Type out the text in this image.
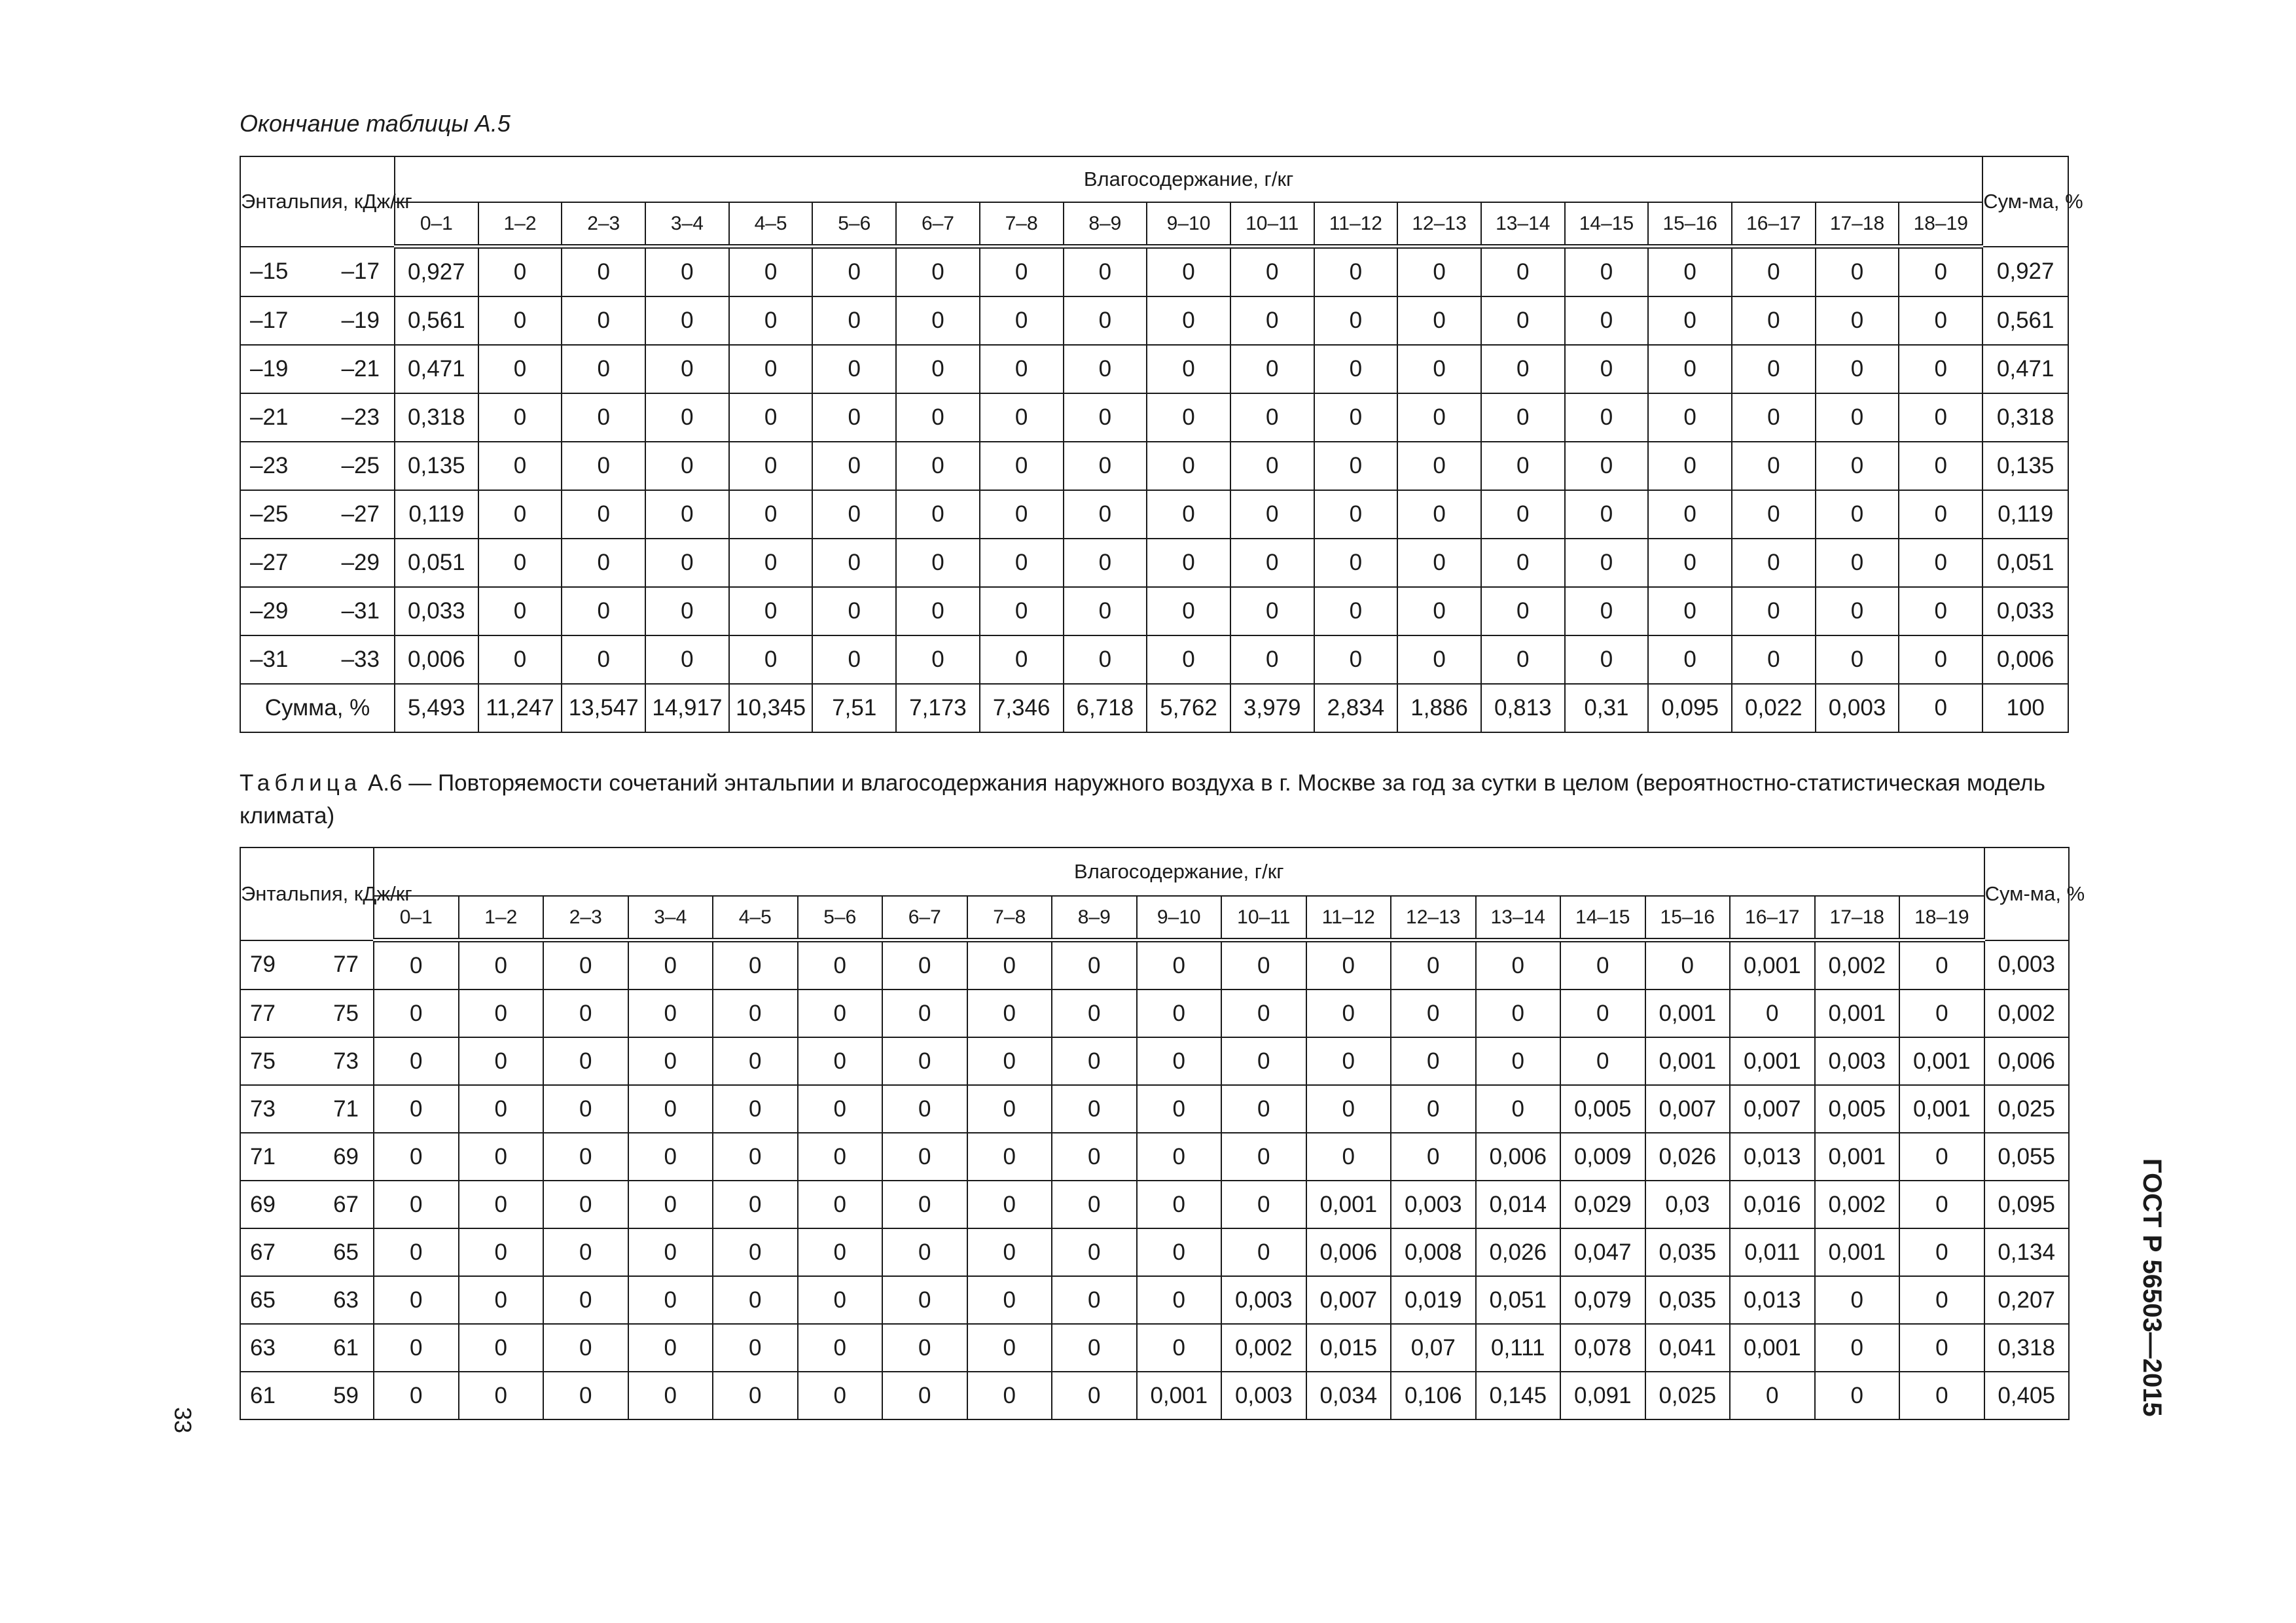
Окончание таблицы А.5
Энтальпия, кДж/кг	Влагосодержание, г/кг																			Сум-ма, %
	0–1	1–2	2–3	3–4	4–5	5–6	6–7	7–8	8–9	9–10	10–11	11–12	12–13	13–14	14–15	15–16	16–17	17–18	18–19	

–15 –17	0,927	0	0	0	0	0	0	0	0	0	0	0	0	0	0	0	0	0	0	0,927

–17 –19	0,561	0	0	0	0	0	0	0	0	0	0	0	0	0	0	0	0	0	0	0,561

–19 –21	0,471	0	0	0	0	0	0	0	0	0	0	0	0	0	0	0	0	0	0	0,471

–21 –23	0,318	0	0	0	0	0	0	0	0	0	0	0	0	0	0	0	0	0	0	0,318

–23 –25	0,135	0	0	0	0	0	0	0	0	0	0	0	0	0	0	0	0	0	0	0,135

–25 –27	0,119	0	0	0	0	0	0	0	0	0	0	0	0	0	0	0	0	0	0	0,119

–27 –29	0,051	0	0	0	0	0	0	0	0	0	0	0	0	0	0	0	0	0	0	0,051

–29 –31	0,033	0	0	0	0	0	0	0	0	0	0	0	0	0	0	0	0	0	0	0,033

–31 –33	0,006	0	0	0	0	0	0	0	0	0	0	0	0	0	0	0	0	0	0	0,006
Сумма, %	5,493	11,247	13,547	14,917	10,345	7,51	7,173	7,346	6,718	5,762	3,979	2,834	1,886	0,813	0,31	0,095	0,022	0,003	0	100
Таблица А.6 — Повторяемости сочетаний энтальпии и влагосодержания наружного воздуха в г. Москве за год за сутки в целом (вероятностно-статистическая модель климата)
Энтальпия, кДж/кг	Влагосодержание, г/кг																			Сум-ма, %
	0–1	1–2	2–3	3–4	4–5	5–6	6–7	7–8	8–9	9–10	10–11	11–12	12–13	13–14	14–15	15–16	16–17	17–18	18–19	

79 77	0	0	0	0	0	0	0	0	0	0	0	0	0	0	0	0	0,001	0,002	0	0,003

77 75	0	0	0	0	0	0	0	0	0	0	0	0	0	0	0	0,001	0	0,001	0	0,002

75 73	0	0	0	0	0	0	0	0	0	0	0	0	0	0	0	0,001	0,001	0,003	0,001	0,006

73 71	0	0	0	0	0	0	0	0	0	0	0	0	0	0	0,005	0,007	0,007	0,005	0,001	0,025

71 69	0	0	0	0	0	0	0	0	0	0	0	0	0	0,006	0,009	0,026	0,013	0,001	0	0,055

69 67	0	0	0	0	0	0	0	0	0	0	0	0,001	0,003	0,014	0,029	0,03	0,016	0,002	0	0,095

67 65	0	0	0	0	0	0	0	0	0	0	0	0,006	0,008	0,026	0,047	0,035	0,011	0,001	0	0,134

65 63	0	0	0	0	0	0	0	0	0	0	0,003	0,007	0,019	0,051	0,079	0,035	0,013	0	0	0,207

63 61	0	0	0	0	0	0	0	0	0	0	0,002	0,015	0,07	0,111	0,078	0,041	0,001	0	0	0,318

61 59	0	0	0	0	0	0	0	0	0	0,001	0,003	0,034	0,106	0,145	0,091	0,025	0	0	0	0,405
33
ГОСТ Р 56503—2015
